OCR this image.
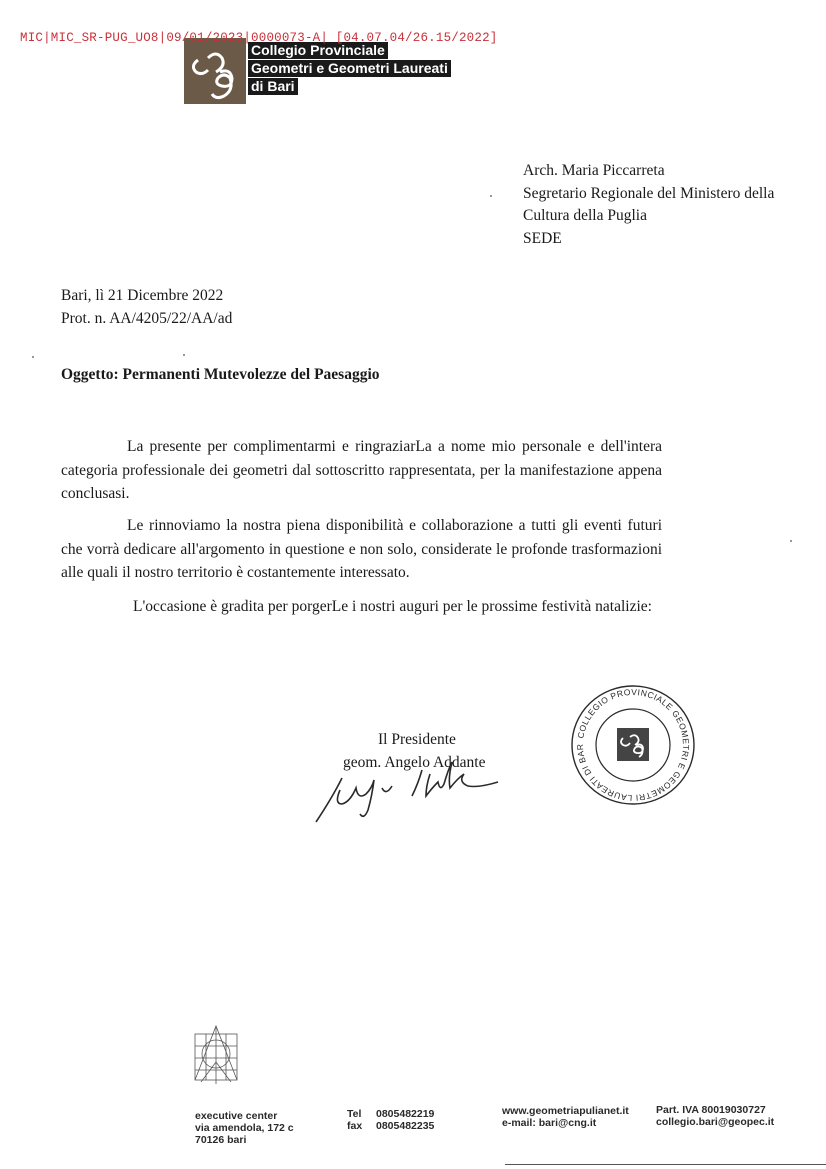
MIC|MIC_SR-PUG_UO8|09/01/2023|0000073-A| [04.07.04/26.15/2022]
Collegio Provinciale
Geometri e Geometri Laureati
di Bari
Arch. Maria Piccarreta
Segretario Regionale del Ministero della
Cultura della Puglia
SEDE
Bari, lì 21 Dicembre 2022
Prot. n. AA/4205/22/AA/ad
Oggetto: Permanenti Mutevolezze del Paesaggio

La presente per complimentarmi e ringraziarLa a nome mio personale e dell'intera categoria professionale dei geometri dal sottoscritto rappresentata, per la manifestazione appena conclusasi.

Le rinnoviamo la nostra piena disponibilità e collaborazione a tutti gli eventi futuri che vorrà dedicare all'argomento in questione e non solo, considerate le profonde trasformazioni alle quali il nostro territorio è costantemente interessato.

L'occasione è gradita per porgerLe i nostri auguri per le prossime festività natalizie:

Il Presidente
geom. Angelo Addante
COLLEGIO PROVINCIALE GEOMETRI E GEOMETRI LAUREATI DI BAR
executive center
via amendola, 172 c
70126 bari
Tel 0805482219
fax 0805482235
www.geometriapulianet.it
e-mail: bari@cng.it
Part. IVA 80019030727
collegio.bari@geopec.it
